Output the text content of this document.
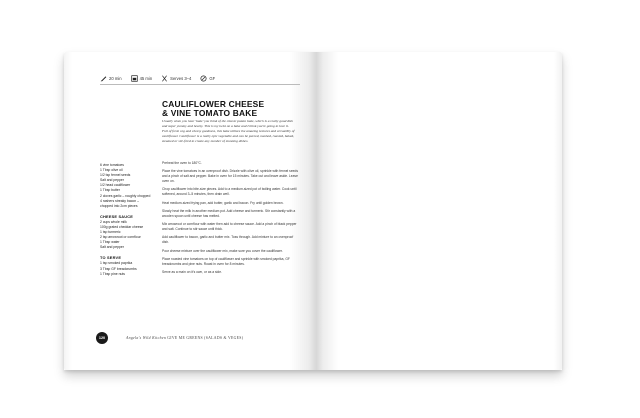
20 min	45 min	Serves 3–4	GF
CAULIFLOWER CHEESE
& VINE TOMATO BAKE
Usually when you hear 'bake' you think of the classic potato bake, which is a really good dish and super yummy and hearty. This is my twist on a bake and I think you're going to love it. Full of fresh veg and cheesy goodness, this bake utilises the amazing textures and versatility of cauliflower. Cauliflower is a really epic vegetable and can be pureed, mashed, roasted, baked, steamed or stir-fried to create any number of stunning dishes.
6 vine tomatoes
1 Tbsp olive oil
1/2 tsp fennel seeds
Salt and pepper
1/2 head cauliflower
1 Tbsp butter
2 cloves garlic – roughly chopped
4 rashers streaky bacon – chopped into 2cm pieces
CHEESE SAUCE
2 cups whole milk
100g grated cheddar cheese
1 tsp turmeric
2 tsp arrowroot or cornflour
1 Tbsp water
Salt and pepper
TO SERVE
1 tsp smoked paprika
3 Tbsp GF breadcrumbs
1 Tbsp pine nuts
Preheat the oven to 180°C.
Place the vine tomatoes in an ovenproof dish. Drizzle with olive oil, sprinkle with fennel seeds and a pinch of salt and pepper. Bake in oven for 15 minutes. Take out and leave aside. Leave oven on.
Chop cauliflower into bite-size pieces. Add to a medium-sized pot of boiling water. Cook until softened, around 3–5 minutes, then drain well.
Heat medium-sized frying pan, add butter, garlic and bacon. Fry until golden brown.
Slowly heat the milk in another medium pot. Add cheese and turmeric. Stir constantly with a wooden spoon until cheese has melted.
Mix arrowroot or cornflour with water then add to cheese sauce. Add a pinch of black pepper and salt. Continue to stir sauce until thick.
Add cauliflower to bacon, garlic and butter mix. Toss through. Add mixture to an ovenproof dish.
Pour cheese mixture over the cauliflower mix, make sure you cover the cauliflower.
Place roasted vine tomatoes on top of cauliflower and sprinkle with smoked paprika, GF breadcrumbs and pine nuts. Roast in oven for 8 minutes.
Serve as a main on it's own, or as a side.
120	Angela's Wild Kitchen GIVE ME GREENS (SALADS & VEGES)
